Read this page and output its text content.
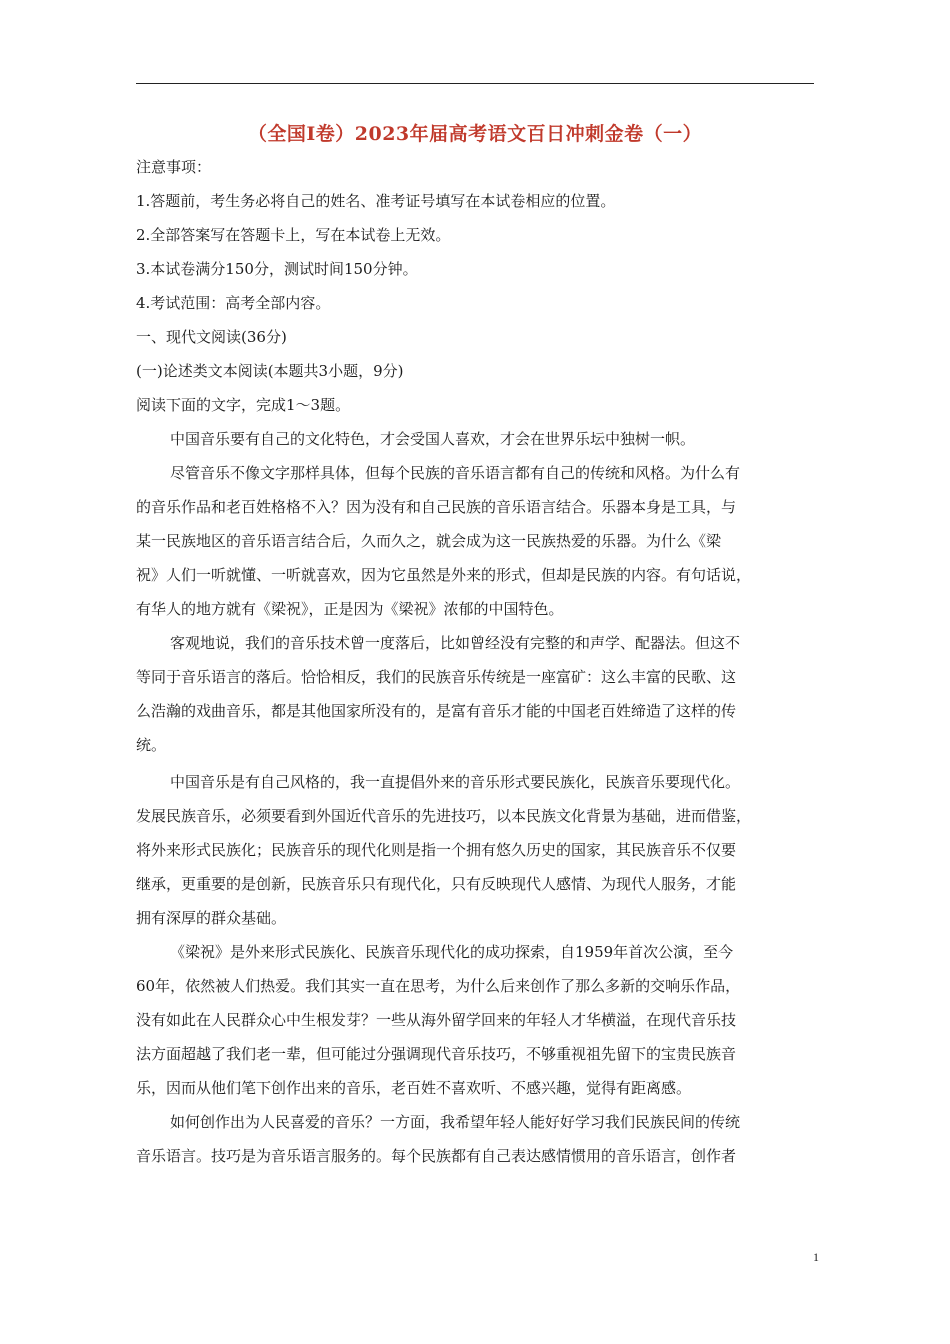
（全国Ⅰ卷）2023年届高考语文百日冲刺金卷（一）

注意事项：

1.答题前，考生务必将自己的姓名、准考证号填写在本试卷相应的位置。

2.全部答案写在答题卡上，写在本试卷上无效。

3.本试卷满分150分，测试时间150分钟。

4.考试范围：高考全部内容。

一、现代文阅读(36分)

(一)论述类文本阅读(本题共3小题，9分)

阅读下面的文字，完成1～3题。

中国音乐要有自己的文化特色，才会受国人喜欢，才会在世界乐坛中独树一帜。

尽管音乐不像文字那样具体，但每个民族的音乐语言都有自己的传统和风格。为什么有

的音乐作品和老百姓格格不入？因为没有和自己民族的音乐语言结合。乐器本身是工具，与

某一民族地区的音乐语言结合后，久而久之，就会成为这一民族热爱的乐器。为什么《梁

祝》人们一听就懂、一听就喜欢，因为它虽然是外来的形式，但却是民族的内容。有句话说，

有华人的地方就有《梁祝》，正是因为《梁祝》浓郁的中国特色。

客观地说，我们的音乐技术曾一度落后，比如曾经没有完整的和声学、配器法。但这不

等同于音乐语言的落后。恰恰相反，我们的民族音乐传统是一座富矿：这么丰富的民歌、这

么浩瀚的戏曲音乐，都是其他国家所没有的，是富有音乐才能的中国老百姓缔造了这样的传

统。

中国音乐是有自己风格的，我一直提倡外来的音乐形式要民族化，民族音乐要现代化。

发展民族音乐，必须要看到外国近代音乐的先进技巧，以本民族文化背景为基础，进而借鉴，

将外来形式民族化；民族音乐的现代化则是指一个拥有悠久历史的国家，其民族音乐不仅要

继承，更重要的是创新，民族音乐只有现代化，只有反映现代人感情、为现代人服务，才能

拥有深厚的群众基础。

《梁祝》是外来形式民族化、民族音乐现代化的成功探索，自1959年首次公演，至今

60年，依然被人们热爱。我们其实一直在思考，为什么后来创作了那么多新的交响乐作品，

没有如此在人民群众心中生根发芽？一些从海外留学回来的年轻人才华横溢，在现代音乐技

法方面超越了我们老一辈，但可能过分强调现代音乐技巧，不够重视祖先留下的宝贵民族音

乐，因而从他们笔下创作出来的音乐，老百姓不喜欢听、不感兴趣，觉得有距离感。

如何创作出为人民喜爱的音乐？一方面，我希望年轻人能好好学习我们民族民间的传统

音乐语言。技巧是为音乐语言服务的。每个民族都有自己表达感情惯用的音乐语言，创作者

1
